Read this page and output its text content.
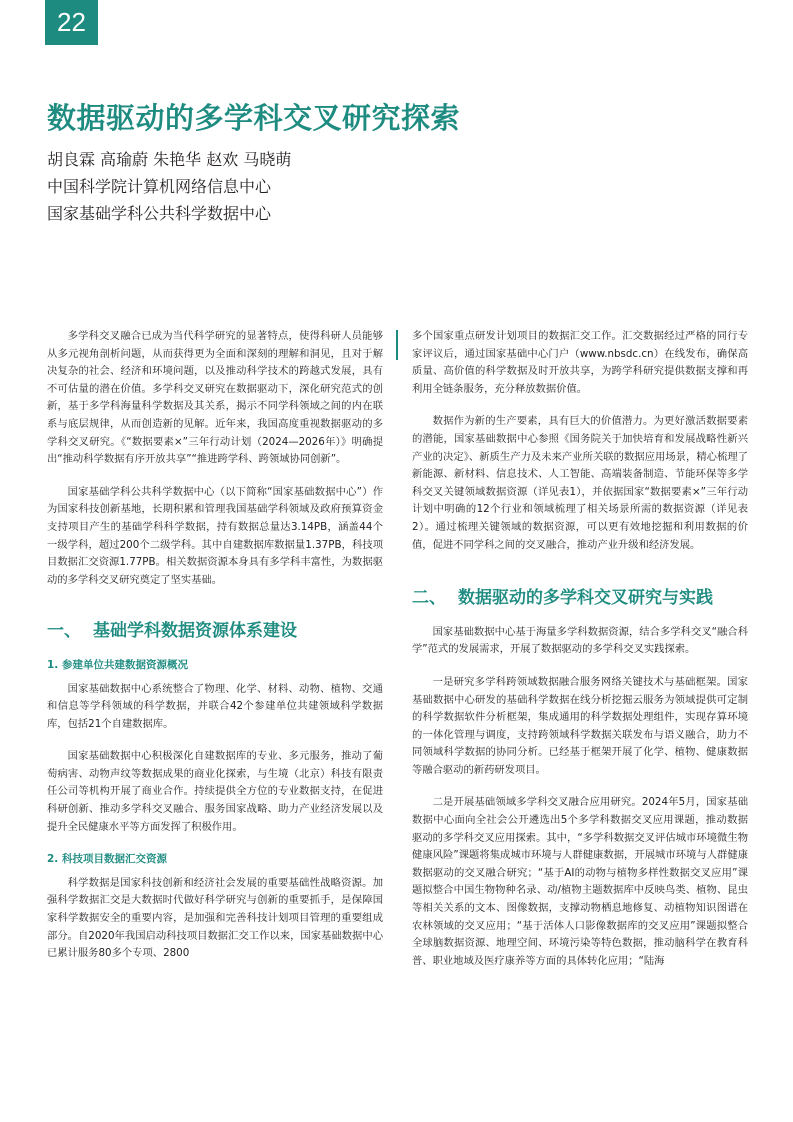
22
数据驱动的多学科交叉研究探索
胡良霖 高瑜蔚 朱艳华 赵欢 马晓萌
中国科学院计算机网络信息中心
国家基础学科公共科学数据中心

多学科交叉融合已成为当代科学研究的显著特点，使得科研人员能够从多元视角剖析问题，从而获得更为全面和深刻的理解和洞见，且对于解决复杂的社会、经济和环境问题，以及推动科学技术的跨越式发展，具有不可估量的潜在价值。多学科交叉研究在数据驱动下，深化研究范式的创新，基于多学科海量科学数据及其关系，揭示不同学科领域之间的内在联系与底层规律，从而创造新的见解。近年来，我国高度重视数据驱动的多学科交叉研究。《“数据要素×”三年行动计划（2024—2026年）》明确提出“推动科学数据有序开放共享”“推进跨学科、跨领域协同创新”。

国家基础学科公共科学数据中心（以下简称“国家基础数据中心”）作为国家科技创新基地，长期积累和管理我国基础学科领域及政府预算资金支持项目产生的基础学科科学数据，持有数据总量达3.14PB，涵盖44个一级学科，超过200个二级学科。其中自建数据库数据量1.37PB，科技项目数据汇交资源1.77PB。相关数据资源本身具有多学科丰富性，为数据驱动的多学科交叉研究奠定了坚实基础。

一、 基础学科数据资源体系建设
1. 参建单位共建数据资源概况

国家基础数据中心系统整合了物理、化学、材料、动物、植物、交通和信息等学科领域的科学数据，并联合42个参建单位共建领域科学数据库，包括21个自建数据库。

国家基础数据中心积极深化自建数据库的专业、多元服务，推动了葡萄病害、动物声纹等数据成果的商业化探索，与生境（北京）科技有限责任公司等机构开展了商业合作。持续提供全方位的专业数据支持，在促进科研创新、推动多学科交叉融合、服务国家战略、助力产业经济发展以及提升全民健康水平等方面发挥了积极作用。

2. 科技项目数据汇交资源

科学数据是国家科技创新和经济社会发展的重要基础性战略资源。加强科学数据汇交是大数据时代做好科学研究与创新的重要抓手，是保障国家科学数据安全的重要内容，是加强和完善科技计划项目管理的重要组成部分。自2020年我国启动科技项目数据汇交工作以来，国家基础数据中心已累计服务80多个专项、2800

多个国家重点研发计划项目的数据汇交工作。汇交数据经过严格的同行专家评议后，通过国家基础中心门户（www.nbsdc.cn）在线发布，确保高质量、高价值的科学数据及时开放共享，为跨学科研究提供数据支撑和再利用全链条服务，充分释放数据价值。

数据作为新的生产要素，具有巨大的价值潜力。为更好激活数据要素的潜能，国家基础数据中心参照《国务院关于加快培育和发展战略性新兴产业的决定》、新质生产力及未来产业所关联的数据应用场景，精心梳理了新能源、新材料、信息技术、人工智能、高端装备制造、节能环保等多学科交叉关键领域数据资源（详见表1），并依据国家“数据要素×”三年行动计划中明确的12个行业和领域梳理了相关场景所需的数据资源（详见表2）。通过梳理关键领域的数据资源，可以更有效地挖掘和利用数据的价值，促进不同学科之间的交叉融合，推动产业升级和经济发展。

二、 数据驱动的多学科交叉研究与实践

国家基础数据中心基于海量多学科数据资源，结合多学科交叉“融合科学”范式的发展需求，开展了数据驱动的多学科交叉实践探索。

一是研究多学科跨领域数据融合服务网络关键技术与基础框架。国家基础数据中心研发的基础科学数据在线分析挖掘云服务为领域提供可定制的科学数据软件分析框架，集成通用的科学数据处理组件，实现存算环境的一体化管理与调度，支持跨领域科学数据关联发布与语义融合，助力不同领域科学数据的协同分析。已经基于框架开展了化学、植物、健康数据等融合驱动的新药研发项目。

二是开展基础领域多学科交叉融合应用研究。2024年5月，国家基础数据中心面向全社会公开遴选出5个多学科数据交叉应用课题，推动数据驱动的多学科交叉应用探索。其中，“多学科数据交叉评估城市环境微生物健康风险”课题将集成城市环境与人群健康数据，开展城市环境与人群健康数据驱动的交叉融合研究；“基于AI的动物与植物多样性数据交叉应用”课题拟整合中国生物物种名录、动/植物主题数据库中反映鸟类、植物、昆虫等相关关系的文本、图像数据，支撑动物栖息地修复、动植物知识图谱在农林领域的交叉应用；“基于活体人口影像数据库的交叉应用”课题拟整合全球脑数据资源、地理空间、环境污染等特色数据，推动脑科学在教育科普、职业地域及医疗康养等方面的具体转化应用；“陆海
